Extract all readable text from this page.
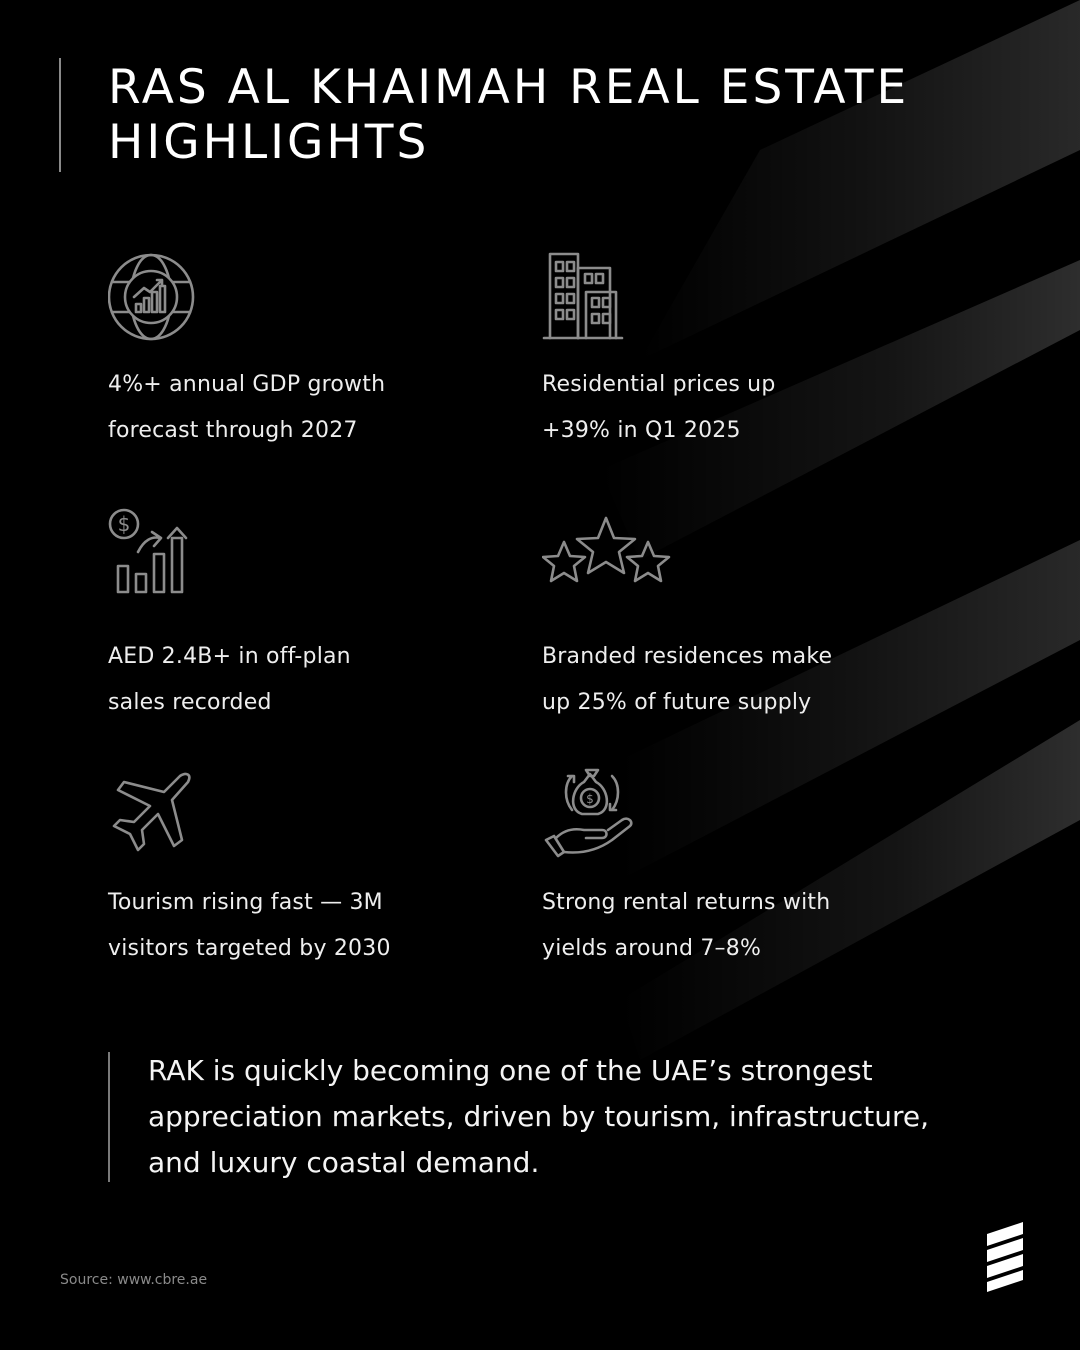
RAS AL KHAIMAH REAL ESTATE
HIGHLIGHTS
4%+ annual GDP growth
forecast through 2027
Residential prices up
+39% in Q1 2025
$
AED 2.4B+ in off-plan
sales recorded
Branded residences make
up 25% of future supply
Tourism rising fast — 3M
visitors targeted by 2030
$
Strong rental returns with
yields around 7–8%
RAK is quickly becoming one of the UAE’s strongest
appreciation markets, driven by tourism, infrastructure,
and luxury coastal demand.
Source: www.cbre.ae
